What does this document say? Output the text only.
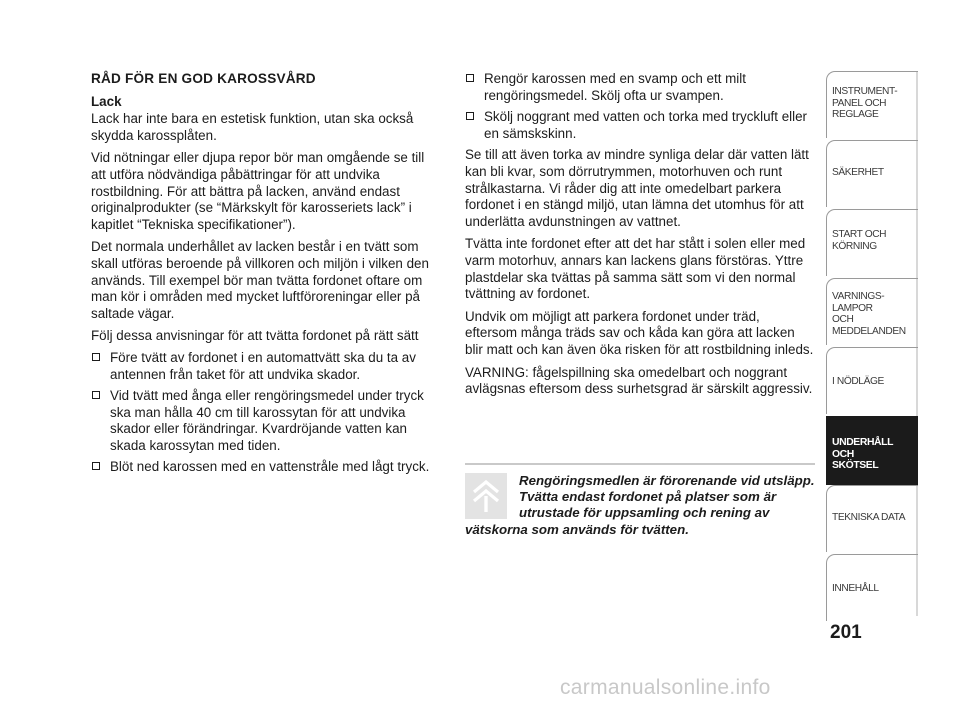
RÅD FÖR EN GOD KAROSSVÅRD

Lack

Lack har inte bara en estetisk funktion, utan ska också skydda karossplåten.

Vid nötningar eller djupa repor bör man omgående se till att utföra nödvändiga påbättringar för att undvika rostbildning. För att bättra på lacken, använd endast originalprodukter (se “Märkskylt för karosseriets lack” i kapitlet “Tekniska specifikationer”).

Det normala underhållet av lacken består i en tvätt som skall utföras beroende på villkoren och miljön i vilken den används. Till exempel bör man tvätta fordonet oftare om man kör i områden med mycket luftföroreningar eller på saltade vägar.

Följ dessa anvisningar för att tvätta fordonet på rätt sätt

Före tvätt av fordonet i en automattvätt ska du ta av antennen från taket för att undvika skador.
Vid tvätt med ånga eller rengöringsmedel under tryck ska man hålla 40 cm till karossytan för att undvika skador eller förändringar. Kvardröjande vatten kan skada karossytan med tiden.
Blöt ned karossen med en vattenstråle med lågt tryck.
Rengör karossen med en svamp och ett milt rengöringsmedel. Skölj ofta ur svampen.
Skölj noggrant med vatten och torka med tryckluft eller en sämskskinn.

Se till att även torka av mindre synliga delar där vatten lätt kan bli kvar, som dörrutrymmen, motorhuven och runt strålkastarna. Vi råder dig att inte omedelbart parkera fordonet i en stängd miljö, utan lämna det utomhus för att underlätta avdunstningen av vattnet.

Tvätta inte fordonet efter att det har stått i solen eller med varm motorhuv, annars kan lackens glans förstöras. Yttre plastdelar ska tvättas på samma sätt som vi den normal tvättning av fordonet.

Undvik om möjligt att parkera fordonet under träd, eftersom många träds sav och kåda kan göra att lacken blir matt och kan även öka risken för att rostbildning inleds.

VARNING: fågelspillning ska omedelbart och noggrant avlägsnas eftersom dess surhetsgrad är särskilt aggressiv.

Rengöringsmedlen är förorenande vid utsläpp. Tvätta endast fordonet på platser som är utrustade för uppsamling och rening av vätskorna som används för tvätten.
INSTRUMENT-PANEL OCH REGLAGE
SÄKERHET
START OCH KÖRNING
VARNINGS-LAMPOR OCH MEDDELANDEN
I NÖDLÄGE
UNDERHÅLL OCH SKÖTSEL
TEKNISKA DATA
INNEHÅLL
201
carmanualsonline.info
